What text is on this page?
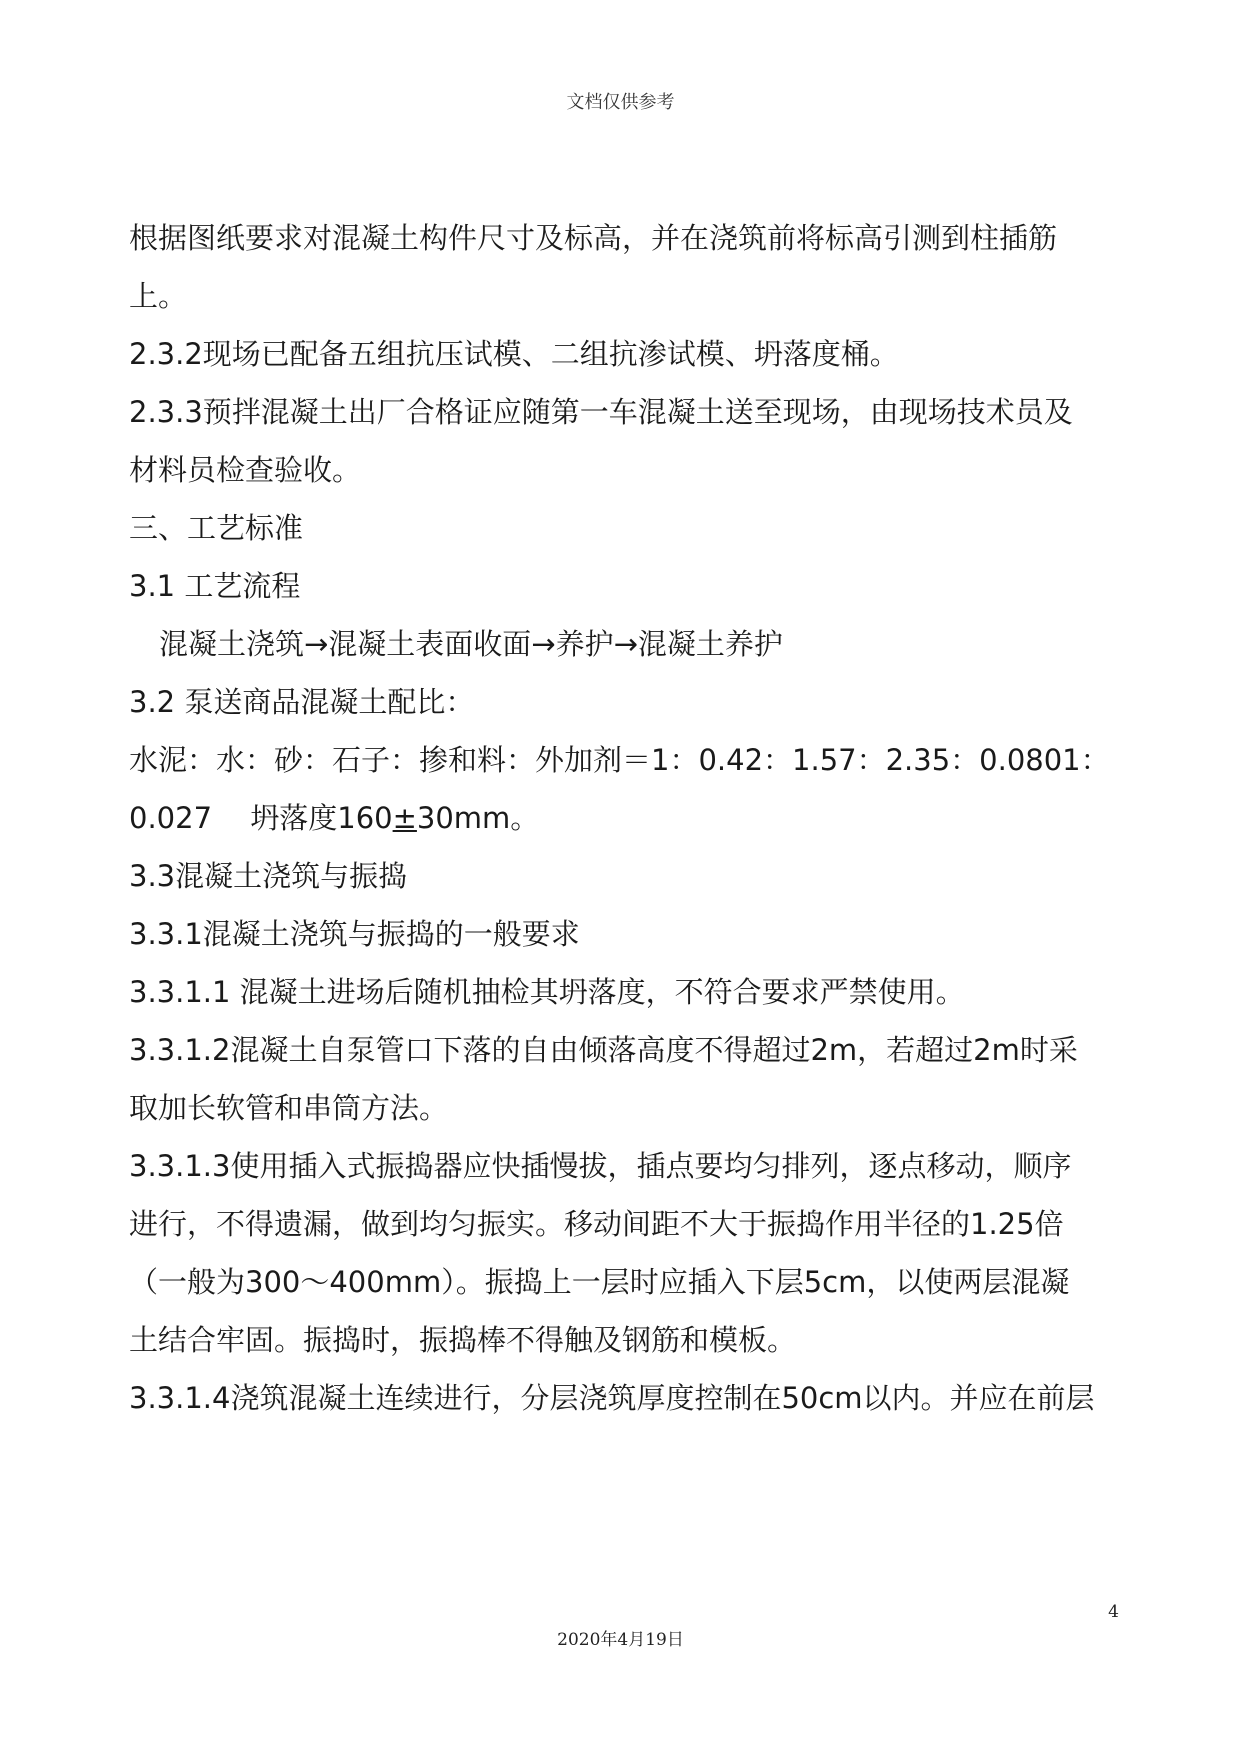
文档仅供参考
根据图纸要求对混凝土构件尺寸及标高，并在浇筑前将标高引测到柱插筋
上。
2.3.2现场已配备五组抗压试模、二组抗渗试模、坍落度桶。
2.3.3预拌混凝土出厂合格证应随第一车混凝土送至现场，由现场技术员及
材料员检查验收。
三、工艺标准
3.1 工艺流程
混凝土浇筑→混凝土表面收面→养护→混凝土养护
3.2 泵送商品混凝土配比：
水泥：水：砂：石子：掺和料：外加剂＝1：0.42：1.57：2.35：0.0801：
0.027　 坍落度160±30mm。
3.3混凝土浇筑与振捣
3.3.1混凝土浇筑与振捣的一般要求
3.3.1.1 混凝土进场后随机抽检其坍落度，不符合要求严禁使用。
3.3.1.2混凝土自泵管口下落的自由倾落高度不得超过2m，若超过2m时采
取加长软管和串筒方法。
3.3.1.3使用插入式振捣器应快插慢拔，插点要均匀排列，逐点移动，顺序
进行，不得遗漏，做到均匀振实。移动间距不大于振捣作用半径的1.25倍
（一般为300～400mm）。振捣上一层时应插入下层5cm，以使两层混凝
土结合牢固。振捣时，振捣棒不得触及钢筋和模板。
3.3.1.4浇筑混凝土连续进行，分层浇筑厚度控制在50cm以内。并应在前层
4
2020年4月19日
